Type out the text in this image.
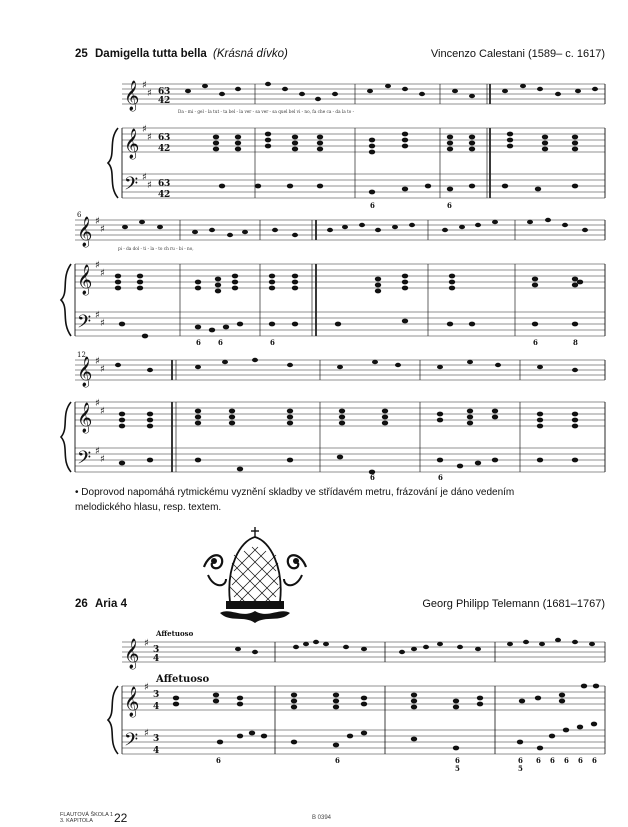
25 Damigella tutta bella (Krásná dívko)	Vincenzo Calestani (1589– c. 1617)
𝄞
𝄞
𝄢
𝄞
𝄞
𝄢
𝄞
𝄞
𝄢
♯
♯
♯
♯
♯
♯
♯
♯
♯
♯
♯
♯
♯
♯
♯
♯
♯
♯
6 3
4 2
6 3
4 2
6 3
4 2
6
12
6	6
6 6	6	6	8
6	6
Da - mi - gel - la tut - ta bel - la ver - sa ver - sa quel bel vi - no, fa che ca - da la to -
pi - da dol - ti - la - to ch ru - bi - no,
• Doprovod napomáhá rytmickému vyznění skladby ve střídavém metru, frázování je dáno vedením melodického hlasu, resp. textem.
26 Aria 4	Georg Philipp Telemann (1681–1767)
𝄞
𝄞
𝄢
♯
♯
♯
3
4
3
4
3
4
Affetuoso
Affetuoso
6	6	6
5
6
5
6 6 6 6 6
FLAUTOVÁ ŠKOLA 1
3. KAPITOLA	22	B 0394
